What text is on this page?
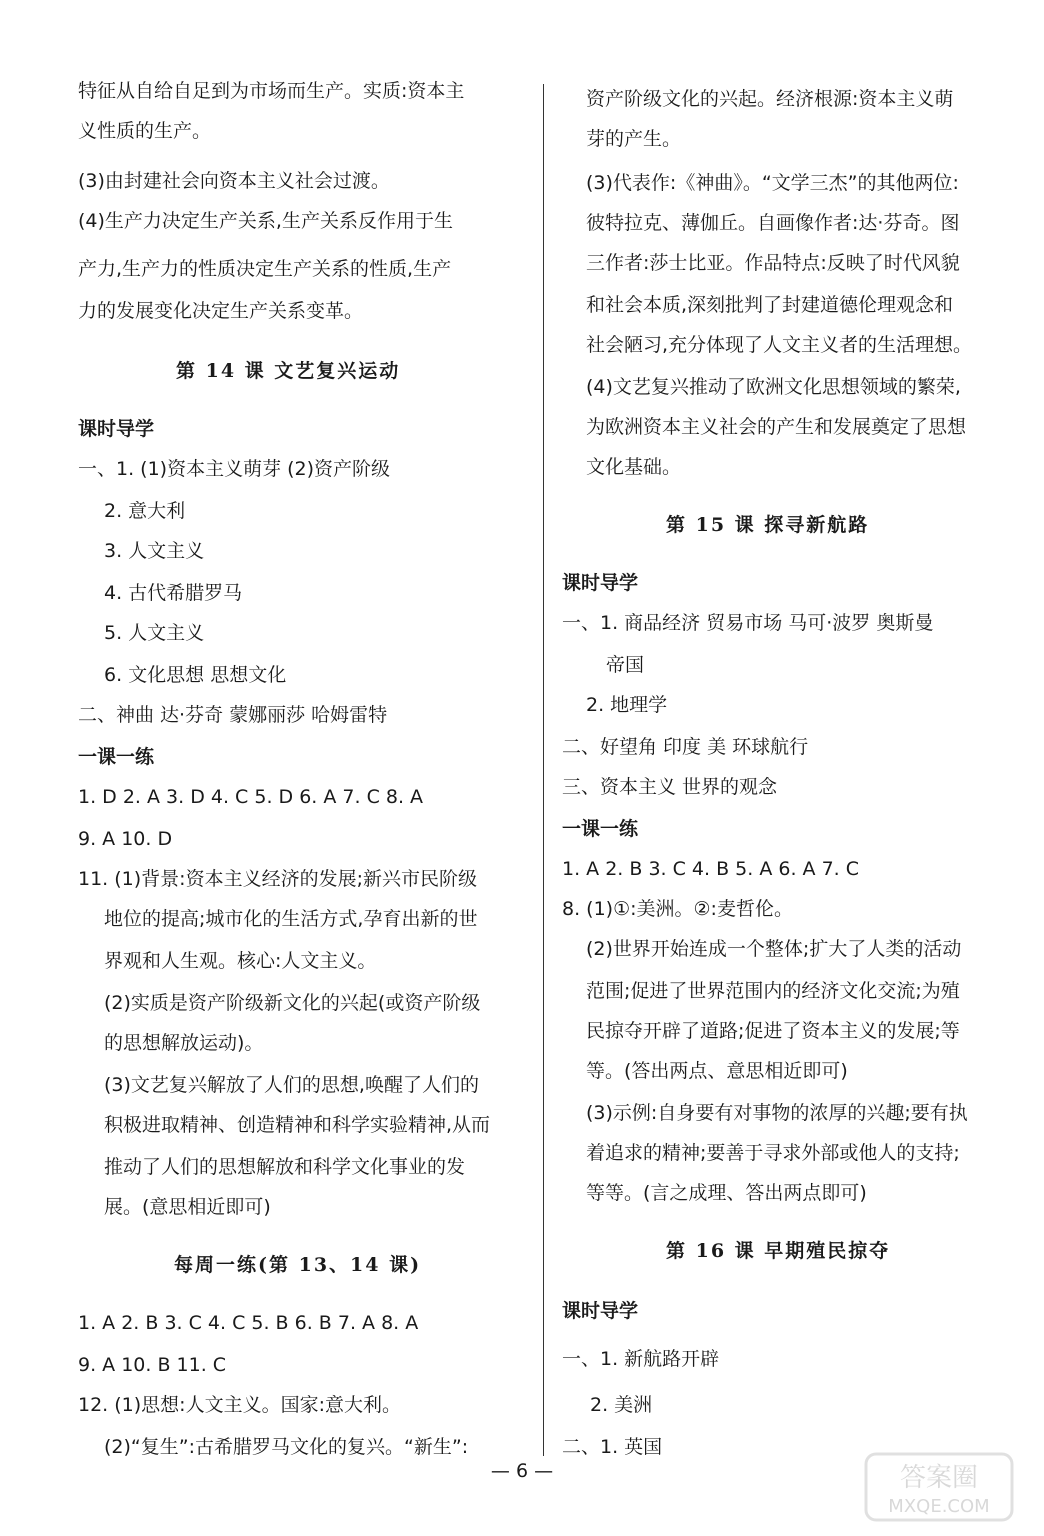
特征从自给自足到为市场而生产。实质:资本主
义性质的生产。
(3)由封建社会向资本主义社会过渡。
(4)生产力决定生产关系,生产关系反作用于生
产力,生产力的性质决定生产关系的性质,生产
力的发展变化决定生产关系变革。
第 14 课 文艺复兴运动
课时导学
一、1. (1)资本主义萌芽 (2)资产阶级
2. 意大利
3. 人文主义
4. 古代希腊罗马
5. 人文主义
6. 文化思想 思想文化
二、神曲 达·芬奇 蒙娜丽莎 哈姆雷特
一课一练
1. D 2. A 3. D 4. C 5. D 6. A 7. C 8. A
9. A 10. D
11. (1)背景:资本主义经济的发展;新兴市民阶级
地位的提高;城市化的生活方式,孕育出新的世
界观和人生观。核心:人文主义。
(2)实质是资产阶级新文化的兴起(或资产阶级
的思想解放运动)。
(3)文艺复兴解放了人们的思想,唤醒了人们的
积极进取精神、创造精神和科学实验精神,从而
推动了人们的思想解放和科学文化事业的发
展。(意思相近即可)
每周一练(第 13、14 课)
1. A 2. B 3. C 4. C 5. B 6. B 7. A 8. A
9. A 10. B 11. C
12. (1)思想:人文主义。国家:意大利。
(2)“复生”:古希腊罗马文化的复兴。“新生”:
资产阶级文化的兴起。经济根源:资本主义萌
芽的产生。
(3)代表作:《神曲》。“文学三杰”的其他两位:
彼特拉克、薄伽丘。自画像作者:达·芬奇。图
三作者:莎士比亚。作品特点:反映了时代风貌
和社会本质,深刻批判了封建道德伦理观念和
社会陋习,充分体现了人文主义者的生活理想。
(4)文艺复兴推动了欧洲文化思想领域的繁荣,
为欧洲资本主义社会的产生和发展奠定了思想
文化基础。
第 15 课 探寻新航路
课时导学
一、1. 商品经济 贸易市场 马可·波罗 奥斯曼
帝国
2. 地理学
二、好望角 印度 美 环球航行
三、资本主义 世界的观念
一课一练
1. A 2. B 3. C 4. B 5. A 6. A 7. C
8. (1)①:美洲。②:麦哲伦。
(2)世界开始连成一个整体;扩大了人类的活动
范围;促进了世界范围内的经济文化交流;为殖
民掠夺开辟了道路;促进了资本主义的发展;等
等。(答出两点、意思相近即可)
(3)示例:自身要有对事物的浓厚的兴趣;要有执
着追求的精神;要善于寻求外部或他人的支持;
等等。(言之成理、答出两点即可)
第 16 课 早期殖民掠夺
课时导学
一、1. 新航路开辟
2. 美洲
二、1. 英国
— 6 —	答案圈
MXQE.COM
